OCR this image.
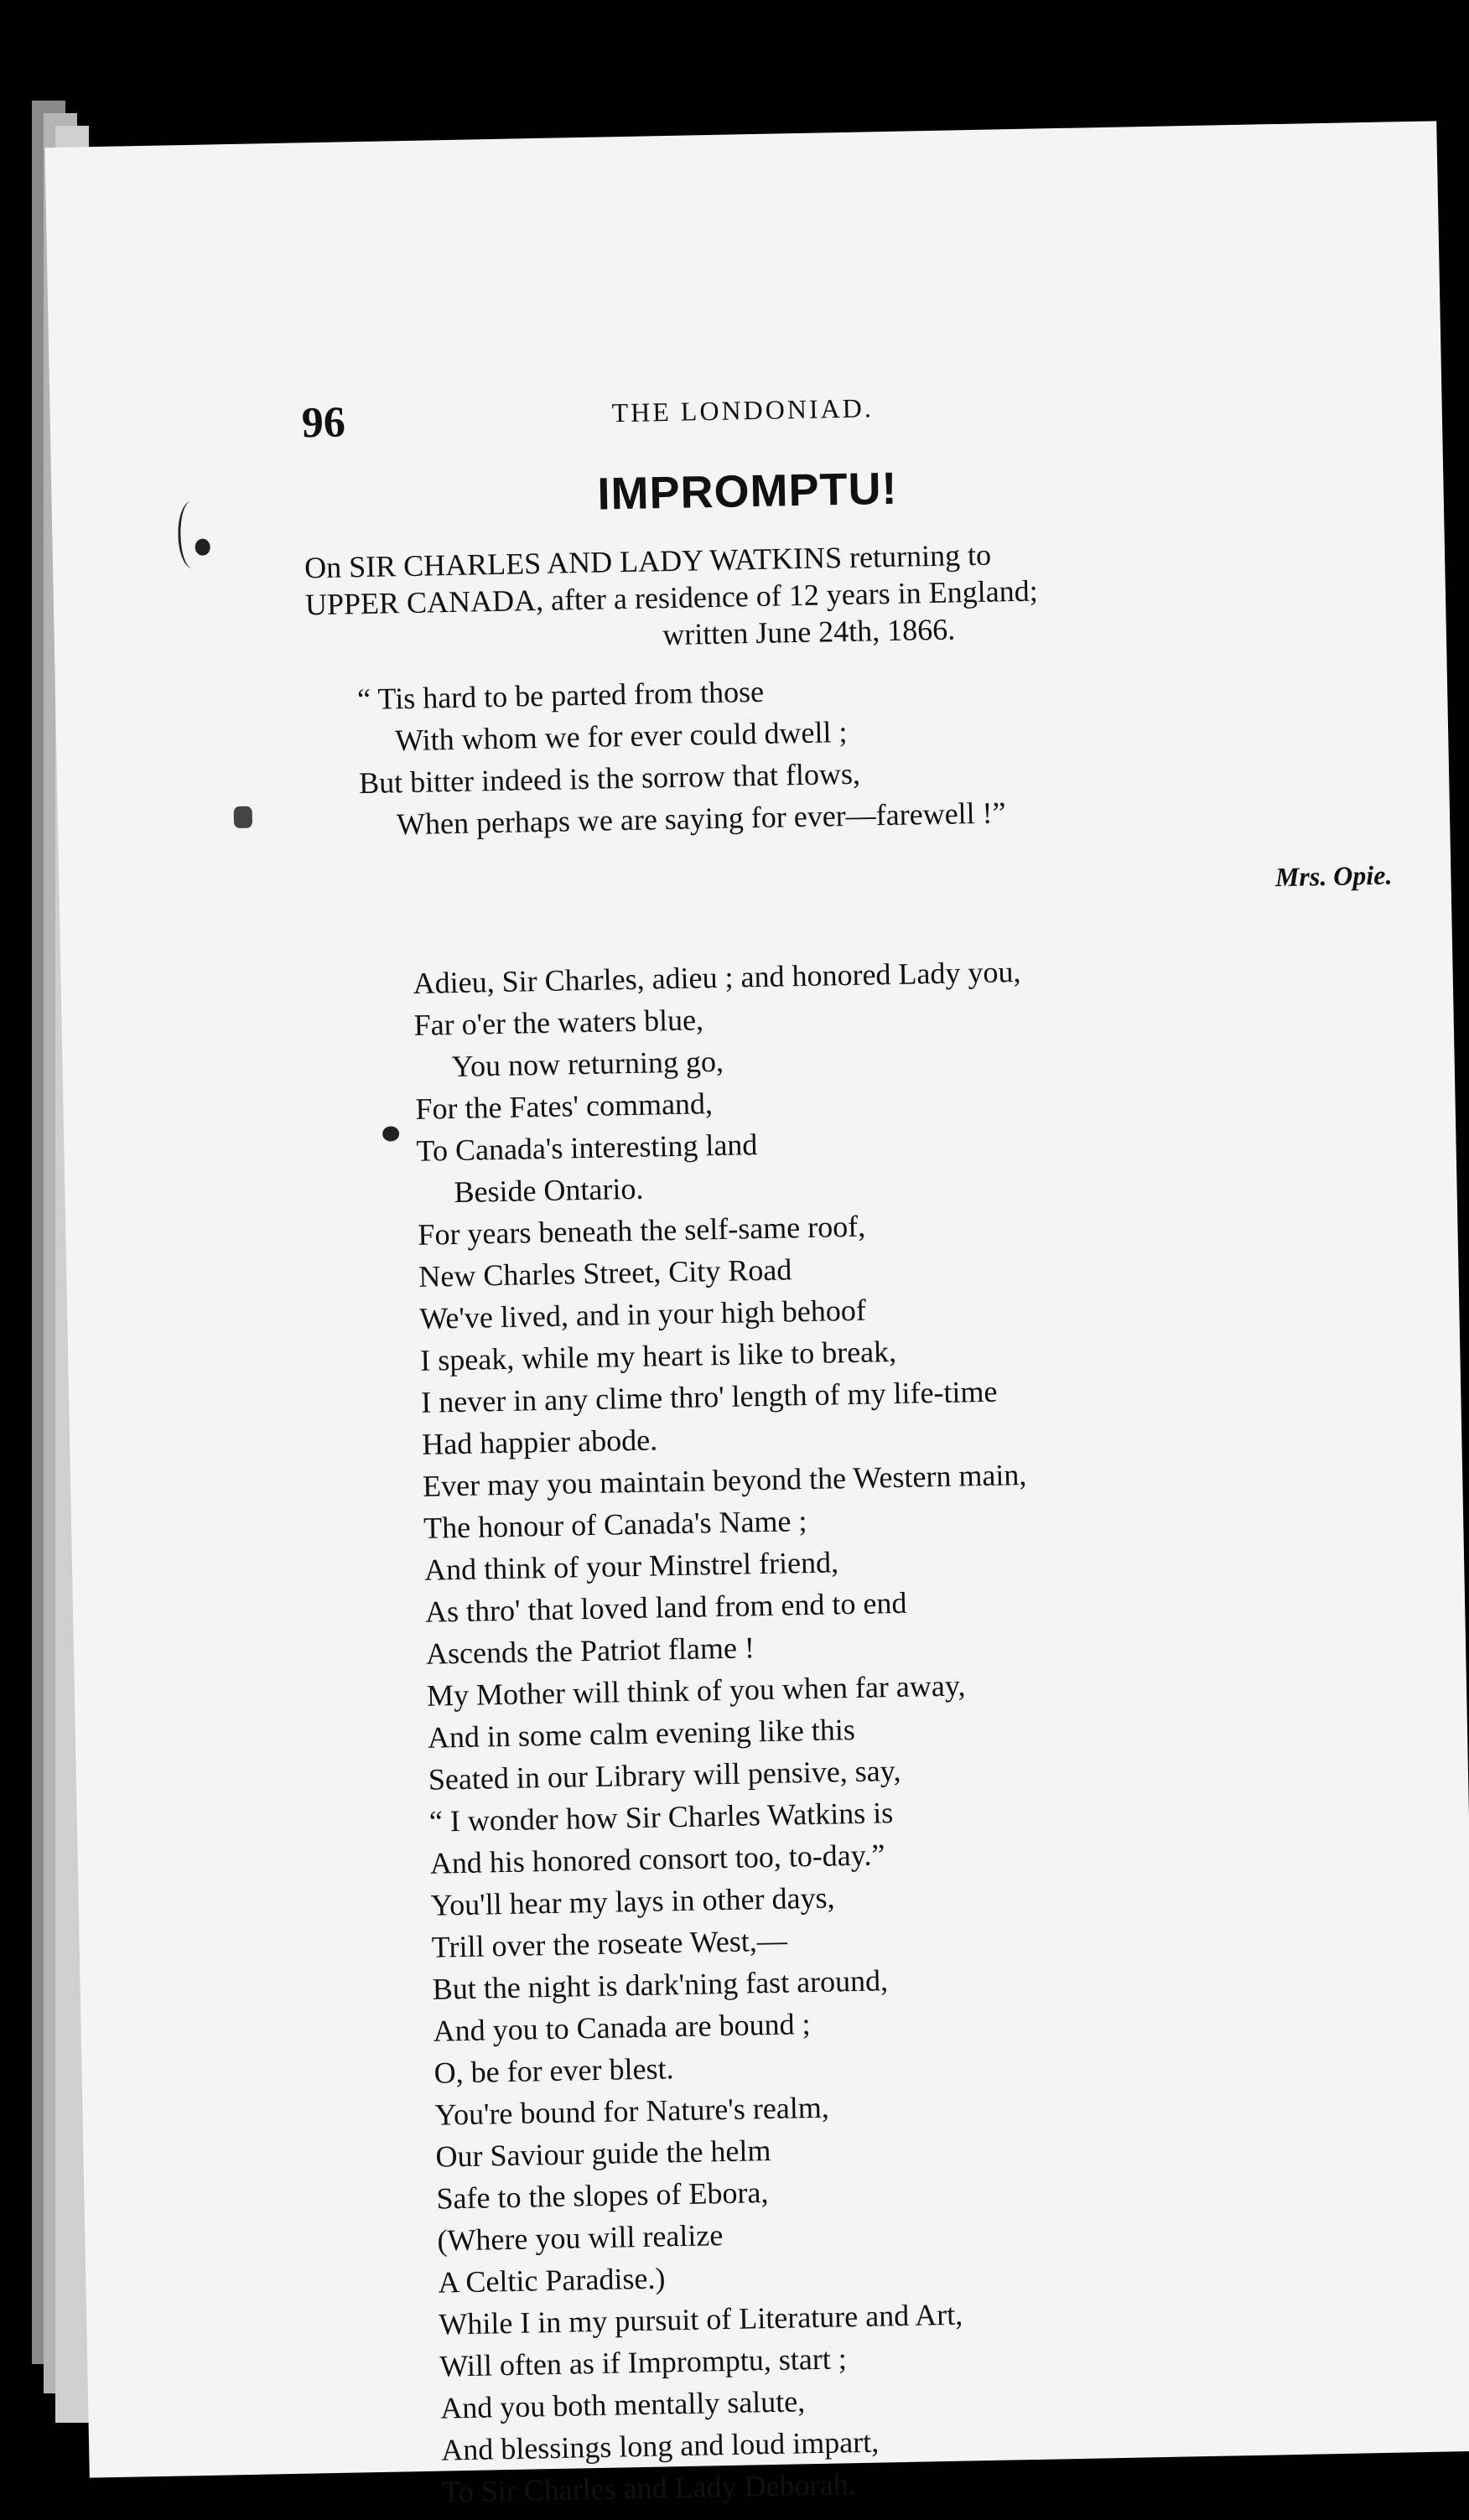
96	THE LONDONIAD.
IMPROMPTU!
On SIR CHARLES AND LADY WATKINS returning to
UPPER CANADA, after a residence of 12 years in England;
written June 24th, 1866.
“ Tis hard to be parted from those
With whom we for ever could dwell ;
But bitter indeed is the sorrow that flows,
When perhaps we are saying for ever—farewell !”
Mrs. Opie.
Adieu, Sir Charles, adieu ; and honored Lady you,
Far o'er the waters blue,
You now returning go,
For the Fates' command,
To Canada's interesting land
Beside Ontario.
For years beneath the self-same roof,
New Charles Street, City Road
We've lived, and in your high behoof
I speak, while my heart is like to break,
I never in any clime thro' length of my life-time
Had happier abode.
Ever may you maintain beyond the Western main,
The honour of Canada's Name ;
And think of your Minstrel friend,
As thro' that loved land from end to end
Ascends the Patriot flame !
My Mother will think of you when far away,
And in some calm evening like this
Seated in our Library will pensive, say,
“ I wonder how Sir Charles Watkins is
And his honored consort too, to-day.”
You'll hear my lays in other days,
Trill over the roseate West,—
But the night is dark'ning fast around,
And you to Canada are bound ;
O, be for ever blest.
You're bound for Nature's realm,
Our Saviour guide the helm
Safe to the slopes of Ebora,
(Where you will realize
A Celtic Paradise.)
While I in my pursuit of Literature and Art,
Will often as if Impromptu, start ;
And you both mentally salute,
And blessings long and loud impart,
To Sir Charles and Lady Deborah.
